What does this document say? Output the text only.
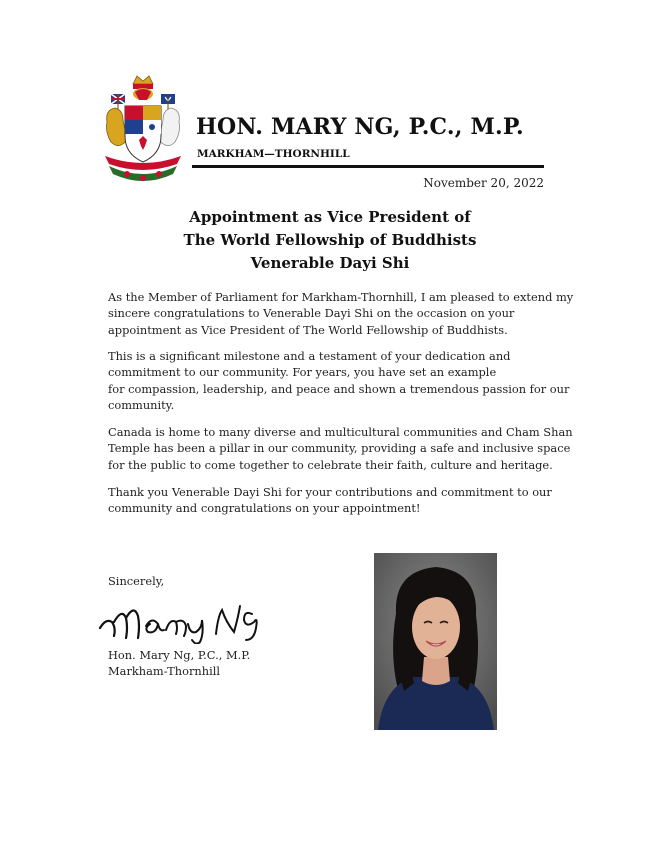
HON. MARY NG, P.C., M.P.
MARKHAM—THORNHILL
November 20, 2022
Appointment as Vice President of
The World Fellowship of Buddhists
Venerable Dayi Shi
As the Member of Parliament for Markham-Thornhill, I am pleased to extend my
sincere congratulations to Venerable Dayi Shi on the occasion on your
appointment as Vice President of The World Fellowship of Buddhists.
This is a significant milestone and a testament of your dedication and
commitment to our community. For years, you have set an example
for compassion, leadership, and peace and shown a tremendous passion for our
community.
Canada is home to many diverse and multicultural communities and Cham Shan
Temple has been a pillar in our community, providing a safe and inclusive space
for the public to come together to celebrate their faith, culture and heritage.
Thank you Venerable Dayi Shi for your contributions and commitment to our
community and congratulations on your appointment!
Sincerely,
Hon. Mary Ng, P.C., M.P.
Markham-Thornhill
